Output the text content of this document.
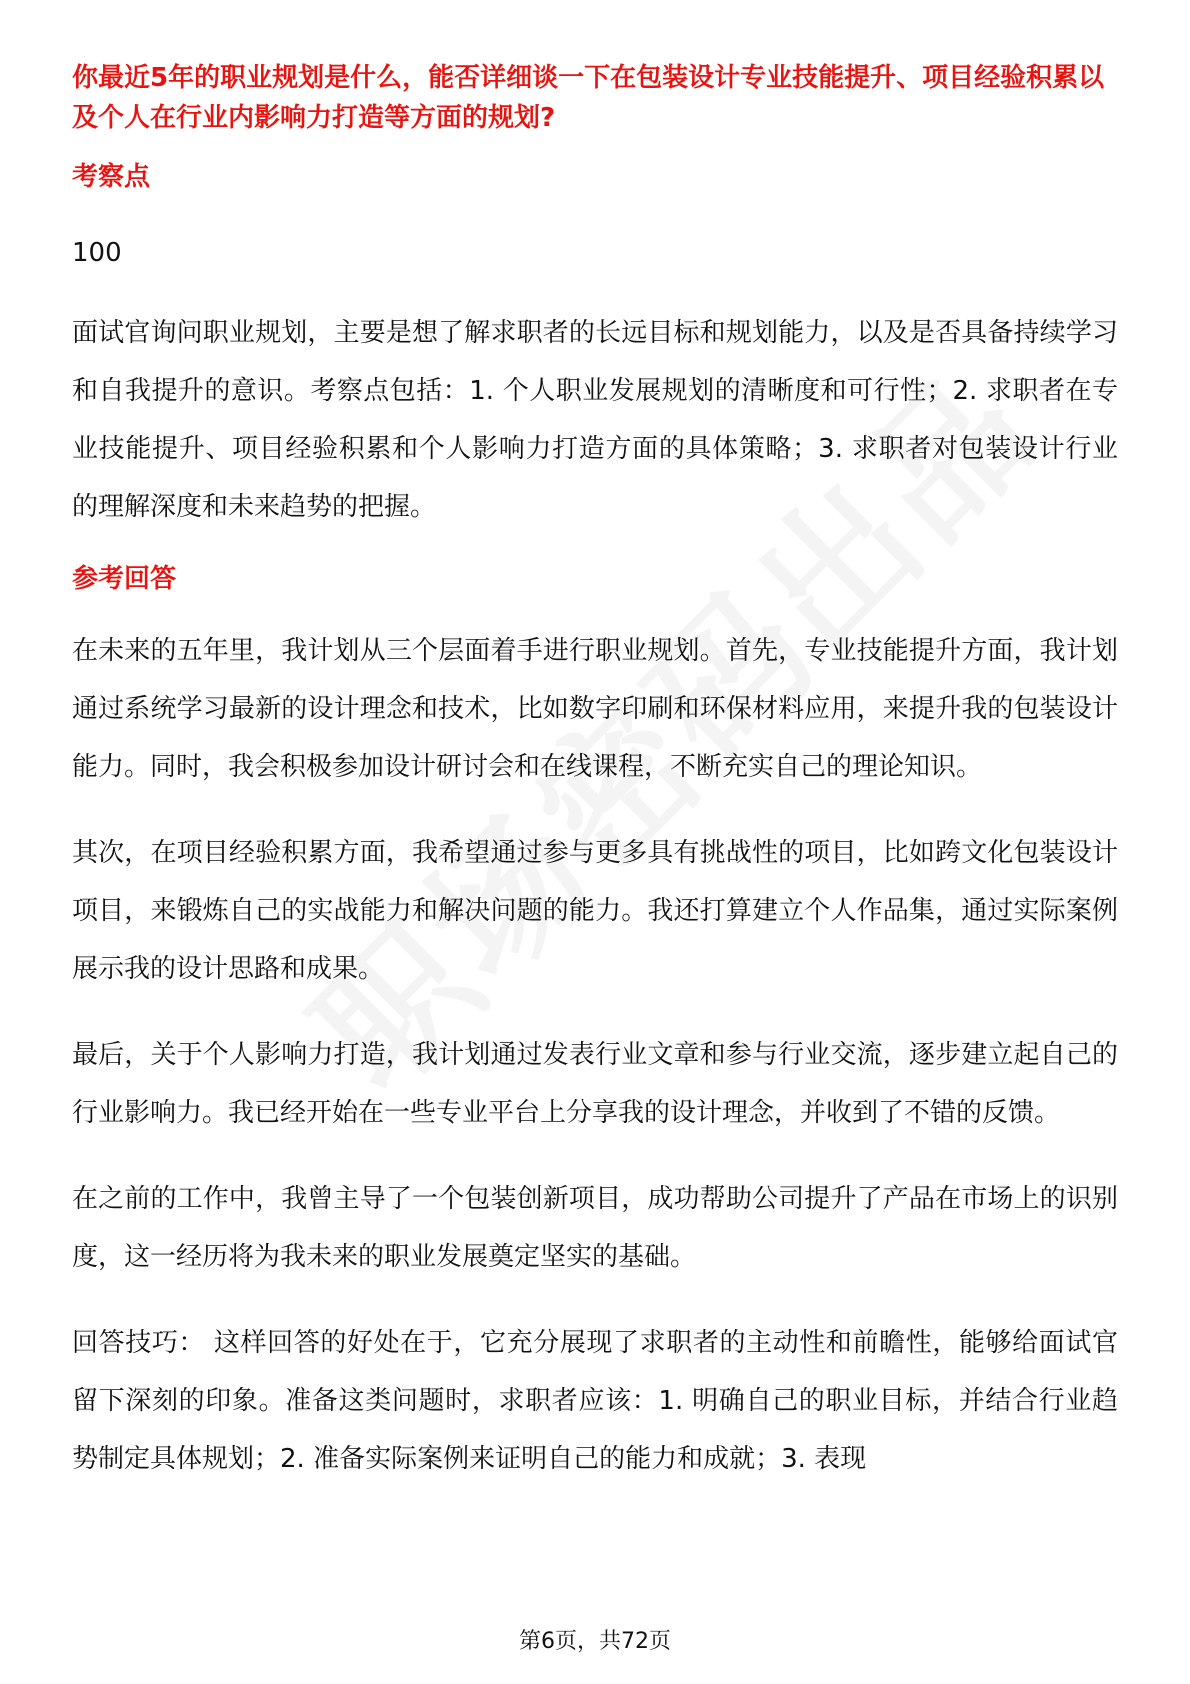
你最近5年的职业规划是什么，能否详细谈一下在包装设计专业技能提升、项目经验积累以及个人在行业内影响力打造等方面的规划?

考察点

100

面试官询问职业规划，主要是想了解求职者的长远目标和规划能力，以及是否具备持续学习和自我提升的意识。考察点包括：1. 个人职业发展规划的清晰度和可行性；2. 求职者在专业技能提升、项目经验积累和个人影响力打造方面的具体策略；3. 求职者对包装设计行业的理解深度和未来趋势的把握。

参考回答

在未来的五年里，我计划从三个层面着手进行职业规划。首先，专业技能提升方面，我计划通过系统学习最新的设计理念和技术，比如数字印刷和环保材料应用，来提升我的包装设计能力。同时，我会积极参加设计研讨会和在线课程，不断充实自己的理论知识。

其次，在项目经验积累方面，我希望通过参与更多具有挑战性的项目，比如跨文化包装设计项目，来锻炼自己的实战能力和解决问题的能力。我还打算建立个人作品集，通过实际案例展示我的设计思路和成果。

最后，关于个人影响力打造，我计划通过发表行业文章和参与行业交流，逐步建立起自己的行业影响力。我已经开始在一些专业平台上分享我的设计理念，并收到了不错的反馈。

在之前的工作中，我曾主导了一个包装创新项目，成功帮助公司提升了产品在市场上的识别度，这一经历将为我未来的职业发展奠定坚实的基础。

回答技巧： 这样回答的好处在于，它充分展现了求职者的主动性和前瞻性，能够给面试官留下深刻的印象。准备这类问题时，求职者应该：1. 明确自己的职业目标，并结合行业趋势制定具体规划；2. 准备实际案例来证明自己的能力和成就；3. 表现

第6页，共72页
